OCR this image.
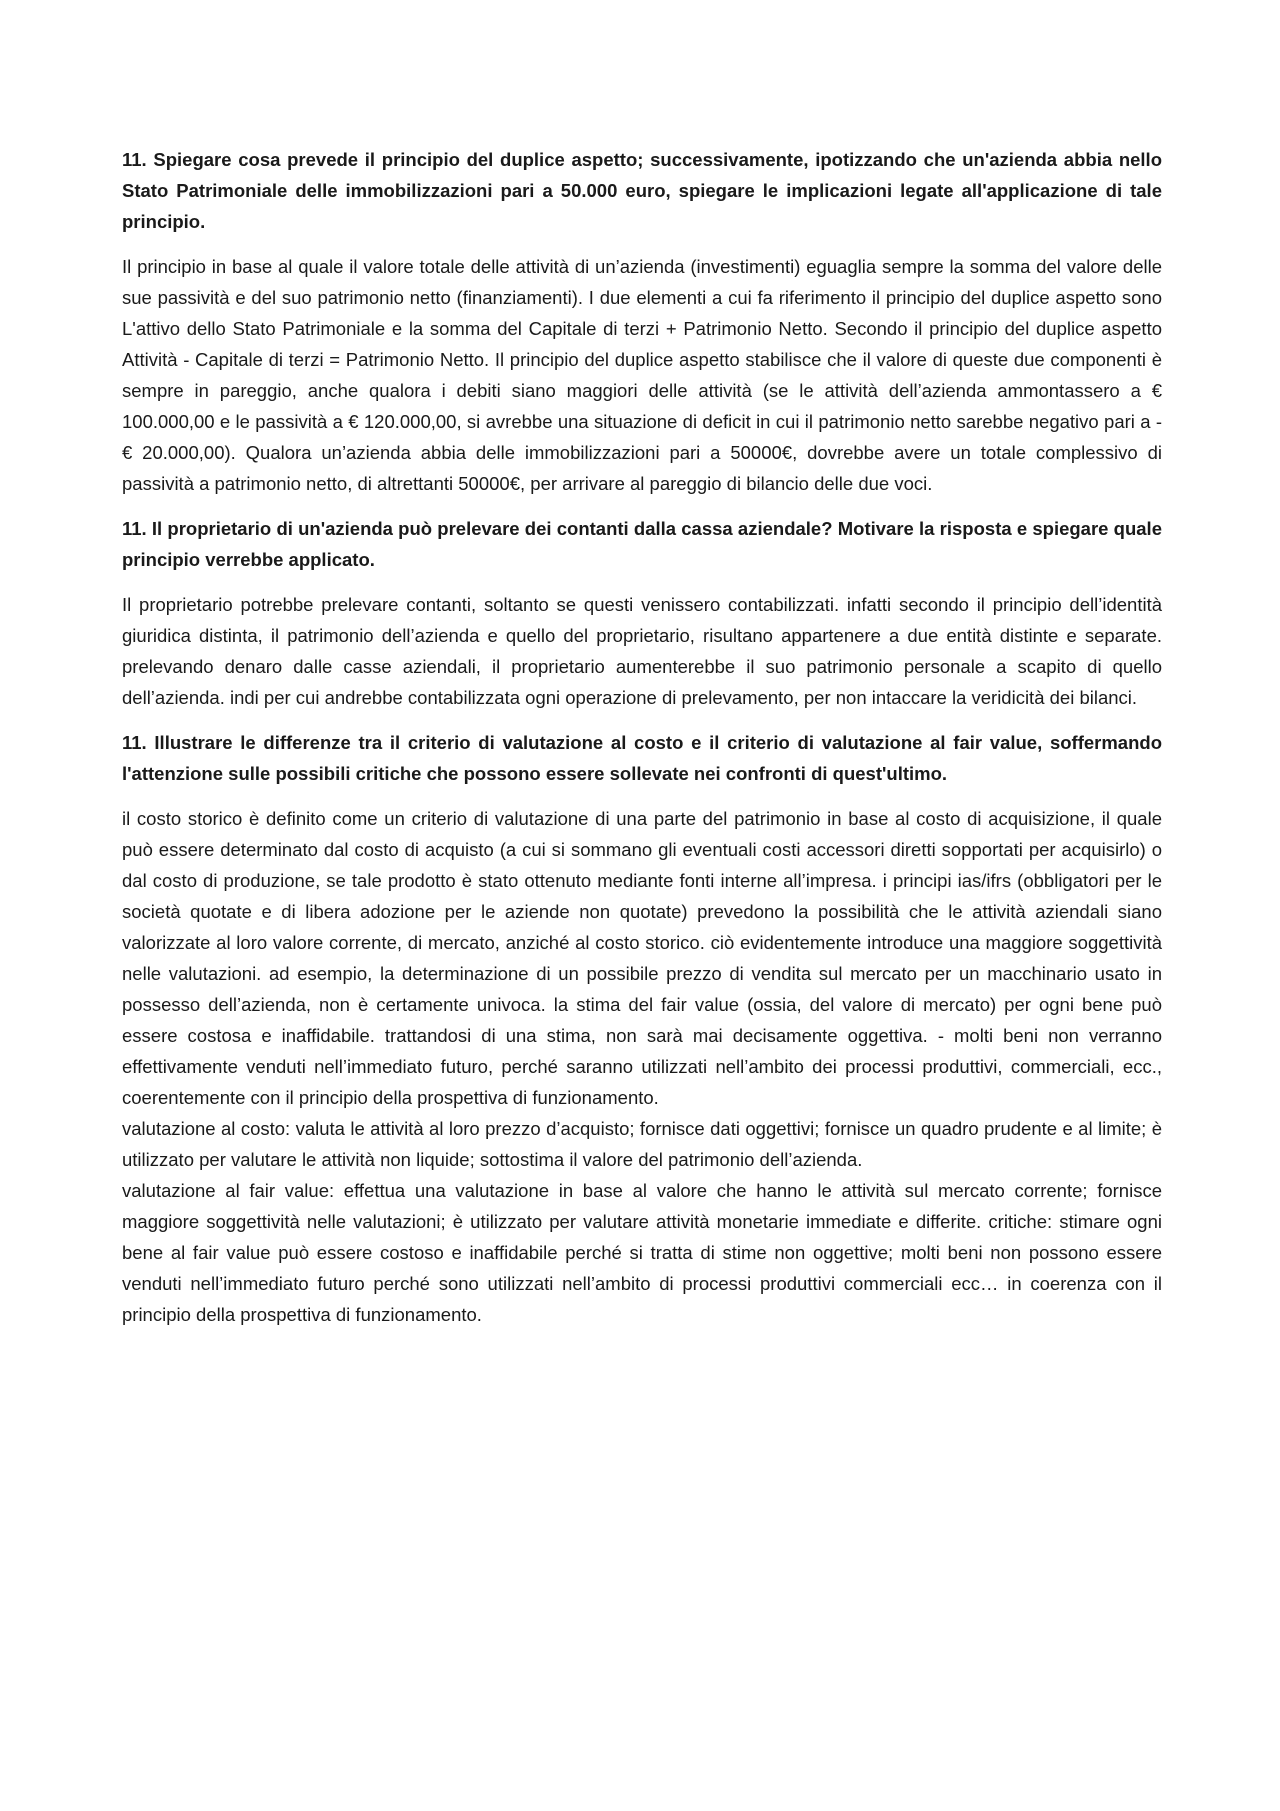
11. Spiegare cosa prevede il principio del duplice aspetto; successivamente, ipotizzando che un'azienda abbia nello Stato Patrimoniale delle immobilizzazioni pari a 50.000 euro, spiegare le implicazioni legate all'applicazione di tale principio.

Il principio in base al quale il valore totale delle attività di un’azienda (investimenti) eguaglia sempre la somma del valore delle sue passività e del suo patrimonio netto (finanziamenti). I due elementi a cui fa riferimento il principio del duplice aspetto sono L'attivo dello Stato Patrimoniale e la somma del Capitale di terzi + Patrimonio Netto. Secondo il principio del duplice aspetto Attività - Capitale di terzi = Patrimonio Netto. Il principio del duplice aspetto stabilisce che il valore di queste due componenti è sempre in pareggio, anche qualora i debiti siano maggiori delle attività (se le attività dell’azienda ammontassero a € 100.000,00 e le passività a € 120.000,00, si avrebbe una situazione di deficit in cui il patrimonio netto sarebbe negativo pari a - € 20.000,00). Qualora un’azienda abbia delle immobilizzazioni pari a 50000€, dovrebbe avere un totale complessivo di passività a patrimonio netto, di altrettanti 50000€, per arrivare al pareggio di bilancio delle due voci.

11. Il proprietario di un'azienda può prelevare dei contanti dalla cassa aziendale? Motivare la risposta e spiegare quale principio verrebbe applicato.

Il proprietario potrebbe prelevare contanti, soltanto se questi venissero contabilizzati. infatti secondo il principio dell’identità giuridica distinta, il patrimonio dell’azienda e quello del proprietario, risultano appartenere a due entità distinte e separate. prelevando denaro dalle casse aziendali, il proprietario aumenterebbe il suo patrimonio personale a scapito di quello dell’azienda. indi per cui andrebbe contabilizzata ogni operazione di prelevamento, per non intaccare la veridicità dei bilanci.

11. Illustrare le differenze tra il criterio di valutazione al costo e il criterio di valutazione al fair value, soffermando l'attenzione sulle possibili critiche che possono essere sollevate nei confronti di quest'ultimo.

il costo storico è definito come un criterio di valutazione di una parte del patrimonio in base al costo di acquisizione, il quale può essere determinato dal costo di acquisto (a cui si sommano gli eventuali costi accessori diretti sopportati per acquisirlo) o dal costo di produzione, se tale prodotto è stato ottenuto mediante fonti interne all’impresa. i principi ias/ifrs (obbligatori per le società quotate e di libera adozione per le aziende non quotate) prevedono la possibilità che le attività aziendali siano valorizzate al loro valore corrente, di mercato, anziché al costo storico. ciò evidentemente introduce una maggiore soggettività nelle valutazioni. ad esempio, la determinazione di un possibile prezzo di vendita sul mercato per un macchinario usato in possesso dell’azienda, non è certamente univoca. la stima del fair value (ossia, del valore di mercato) per ogni bene può essere costosa e inaffidabile. trattandosi di una stima, non sarà mai decisamente oggettiva. - molti beni non verranno effettivamente venduti nell’immediato futuro, perché saranno utilizzati nell’ambito dei processi produttivi, commerciali, ecc., coerentemente con il principio della prospettiva di funzionamento.

valutazione al costo: valuta le attività al loro prezzo d’acquisto; fornisce dati oggettivi; fornisce un quadro prudente e al limite; è utilizzato per valutare le attività non liquide; sottostima il valore del patrimonio dell’azienda.

valutazione al fair value: effettua una valutazione in base al valore che hanno le attività sul mercato corrente; fornisce maggiore soggettività nelle valutazioni; è utilizzato per valutare attività monetarie immediate e differite. critiche: stimare ogni bene al fair value può essere costoso e inaffidabile perché si tratta di stime non oggettive; molti beni non possono essere venduti nell’immediato futuro perché sono utilizzati nell’ambito di processi produttivi commerciali ecc… in coerenza con il principio della prospettiva di funzionamento.
